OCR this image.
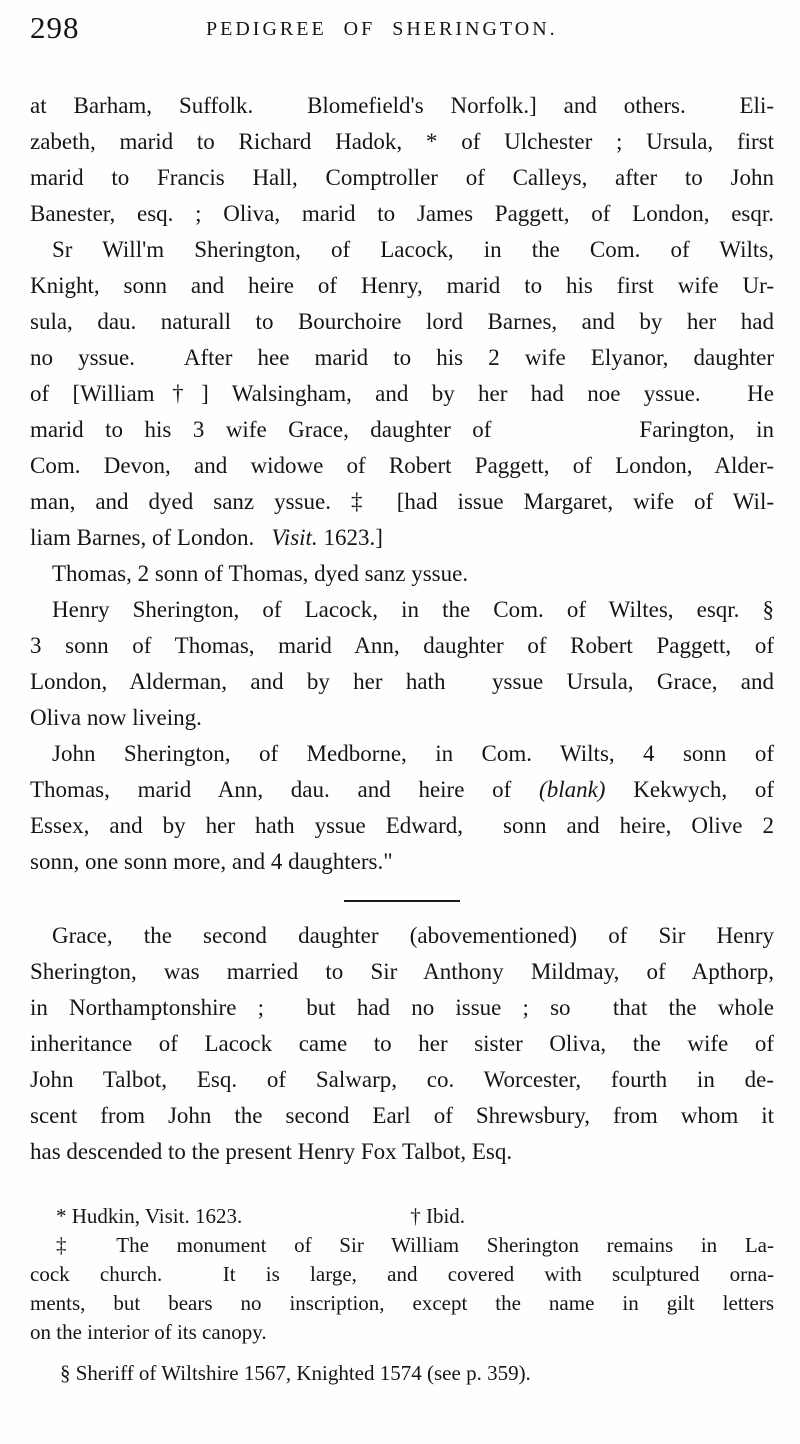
298	PEDIGREE OF SHERINGTON.
at Barham, Suffolk.  Blomefield's Norfolk.] and others.  Eli-
zabeth, marid to Richard Hadok, * of Ulchester ; Ursula, first
marid to Francis Hall, Comptroller of Calleys, after to John
Banester, esq. ; Oliva, marid to James Paggett, of London, esqr.
Sr Will'm Sherington, of Lacock, in the Com. of Wilts,
Knight, sonn and heire of Henry, marid to his first wife Ur-
sula, dau. naturall to Bourchoire lord Barnes, and by her had
no yssue.  After hee marid to his 2 wife Elyanor, daughter
of [William†] Walsingham, and by her had noe yssue.  He
marid to his 3 wife Grace, daughter of	Farington, in
Com. Devon, and widowe of Robert Paggett, of London, Alder-
man, and dyed sanz yssue. ‡ [had issue Margaret, wife of Wil-
liam Barnes, of London.   Visit. 1623.]
Thomas, 2 sonn of Thomas, dyed sanz yssue.
Henry Sherington, of Lacock, in the Com. of Wiltes, esqr. §
3 sonn of Thomas, marid Ann, daughter of Robert Paggett, of
London, Alderman, and by her hath  yssue Ursula, Grace, and
Oliva now liveing.
John Sherington, of Medborne, in Com. Wilts, 4 sonn of
Thomas, marid Ann, dau. and heire of (blank) Kekwych, of
Essex, and by her hath yssue Edward,  sonn and heire, Olive 2
sonn, one sonn more, and 4 daughters."
Grace, the second daughter (abovementioned) of Sir Henry
Sherington, was married to Sir Anthony Mildmay, of Apthorp,
in Northamptonshire ;  but had no issue ; so  that the whole
inheritance of Lacock came to her sister Oliva, the wife of
John Talbot, Esq. of Salwarp, co. Worcester, fourth in de-
scent from John the second Earl of Shrewsbury, from whom it
has descended to the present Henry Fox Talbot, Esq.
* Hudkin, Visit. 1623.	† Ibid.
‡ The monument of Sir William Sherington remains in La-
cock church.  It is large, and covered with sculptured orna-
ments, but bears no inscription, except the name in gilt letters
on the interior of its canopy.
§ Sheriff of Wiltshire 1567, Knighted 1574 (see p. 359).
